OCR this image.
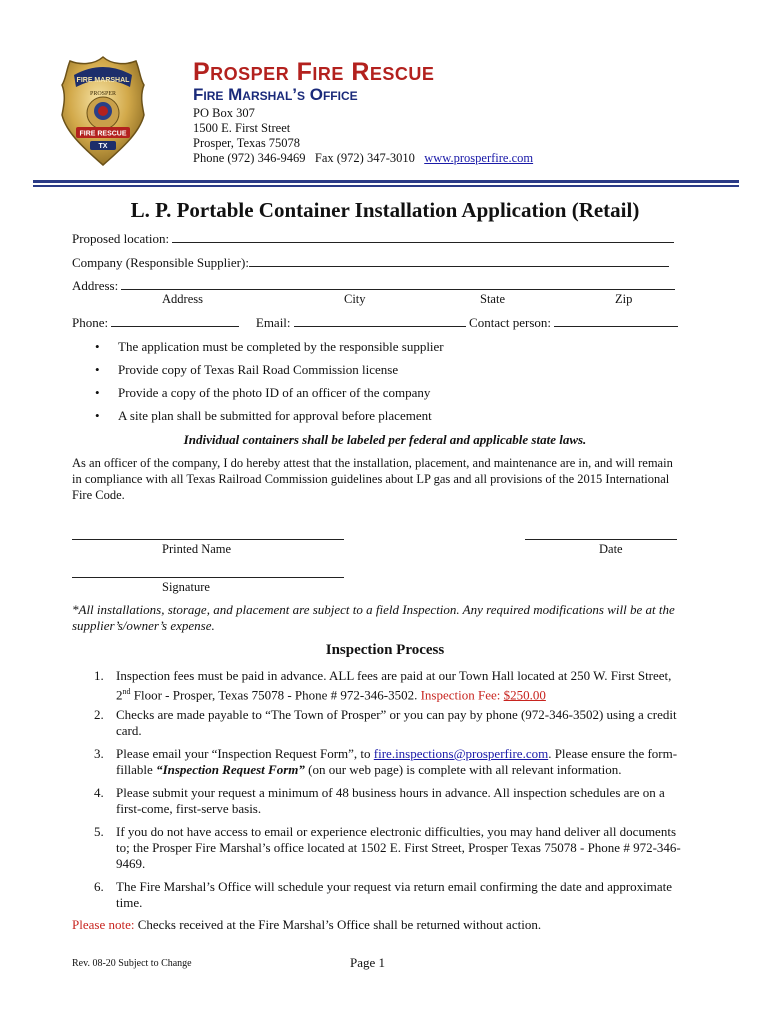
FIRE MARSHAL
PROSPER
FIRE RESCUE
TX
Prosper Fire Rescue
Fire Marshal’s Office
PO Box 307
1500 E. First Street
Prosper, Texas 75078
Phone (972) 346-9469   Fax (972) 347-3010 www.prosperfire.com
L. P. Portable Container Installation Application (Retail)
Proposed location:
Company (Responsible Supplier):
Address:
Address	City	State	Zip
Phone:	Email:	Contact person:
• The application must be completed by the responsible supplier
• Provide copy of Texas Rail Road Commission license
• Provide a copy of the photo ID of an officer of the company
• A site plan shall be submitted for approval before placement
Individual containers shall be labeled per federal and applicable state laws.
As an officer of the company, I do hereby attest that the installation, placement, and maintenance are in, and will remain in compliance with all Texas Railroad Commission guidelines about LP gas and all provisions of the 2015 International Fire Code.
Printed Name	Date
Signature
*All installations, storage, and placement are subject to a field Inspection. Any required modifications will be at the supplier’s/owner’s expense.
Inspection Process
1. Inspection fees must be paid in advance. ALL fees are paid at our Town Hall located at 250 W. First Street, 2nd Floor - Prosper, Texas 75078 - Phone # 972-346-3502. Inspection Fee: $250.00
2. Checks are made payable to “The Town of Prosper” or you can pay by phone (972-346-3502) using a credit card.
3. Please email your “Inspection Request Form”, to fire.inspections@prosperfire.com. Please ensure the form-fillable “Inspection Request Form” (on our web page) is complete with all relevant information.
4. Please submit your request a minimum of 48 business hours in advance. All inspection schedules are on a first-come, first-serve basis.
5. If you do not have access to email or experience electronic difficulties, you may hand deliver all documents to; the Prosper Fire Marshal’s office located at 1502 E. First Street, Prosper Texas 75078 - Phone # 972-346-9469.
6. The Fire Marshal’s Office will schedule your request via return email confirming the date and approximate time.
Please note: Checks received at the Fire Marshal’s Office shall be returned without action.
Rev. 08-20 Subject to Change	Page 1
